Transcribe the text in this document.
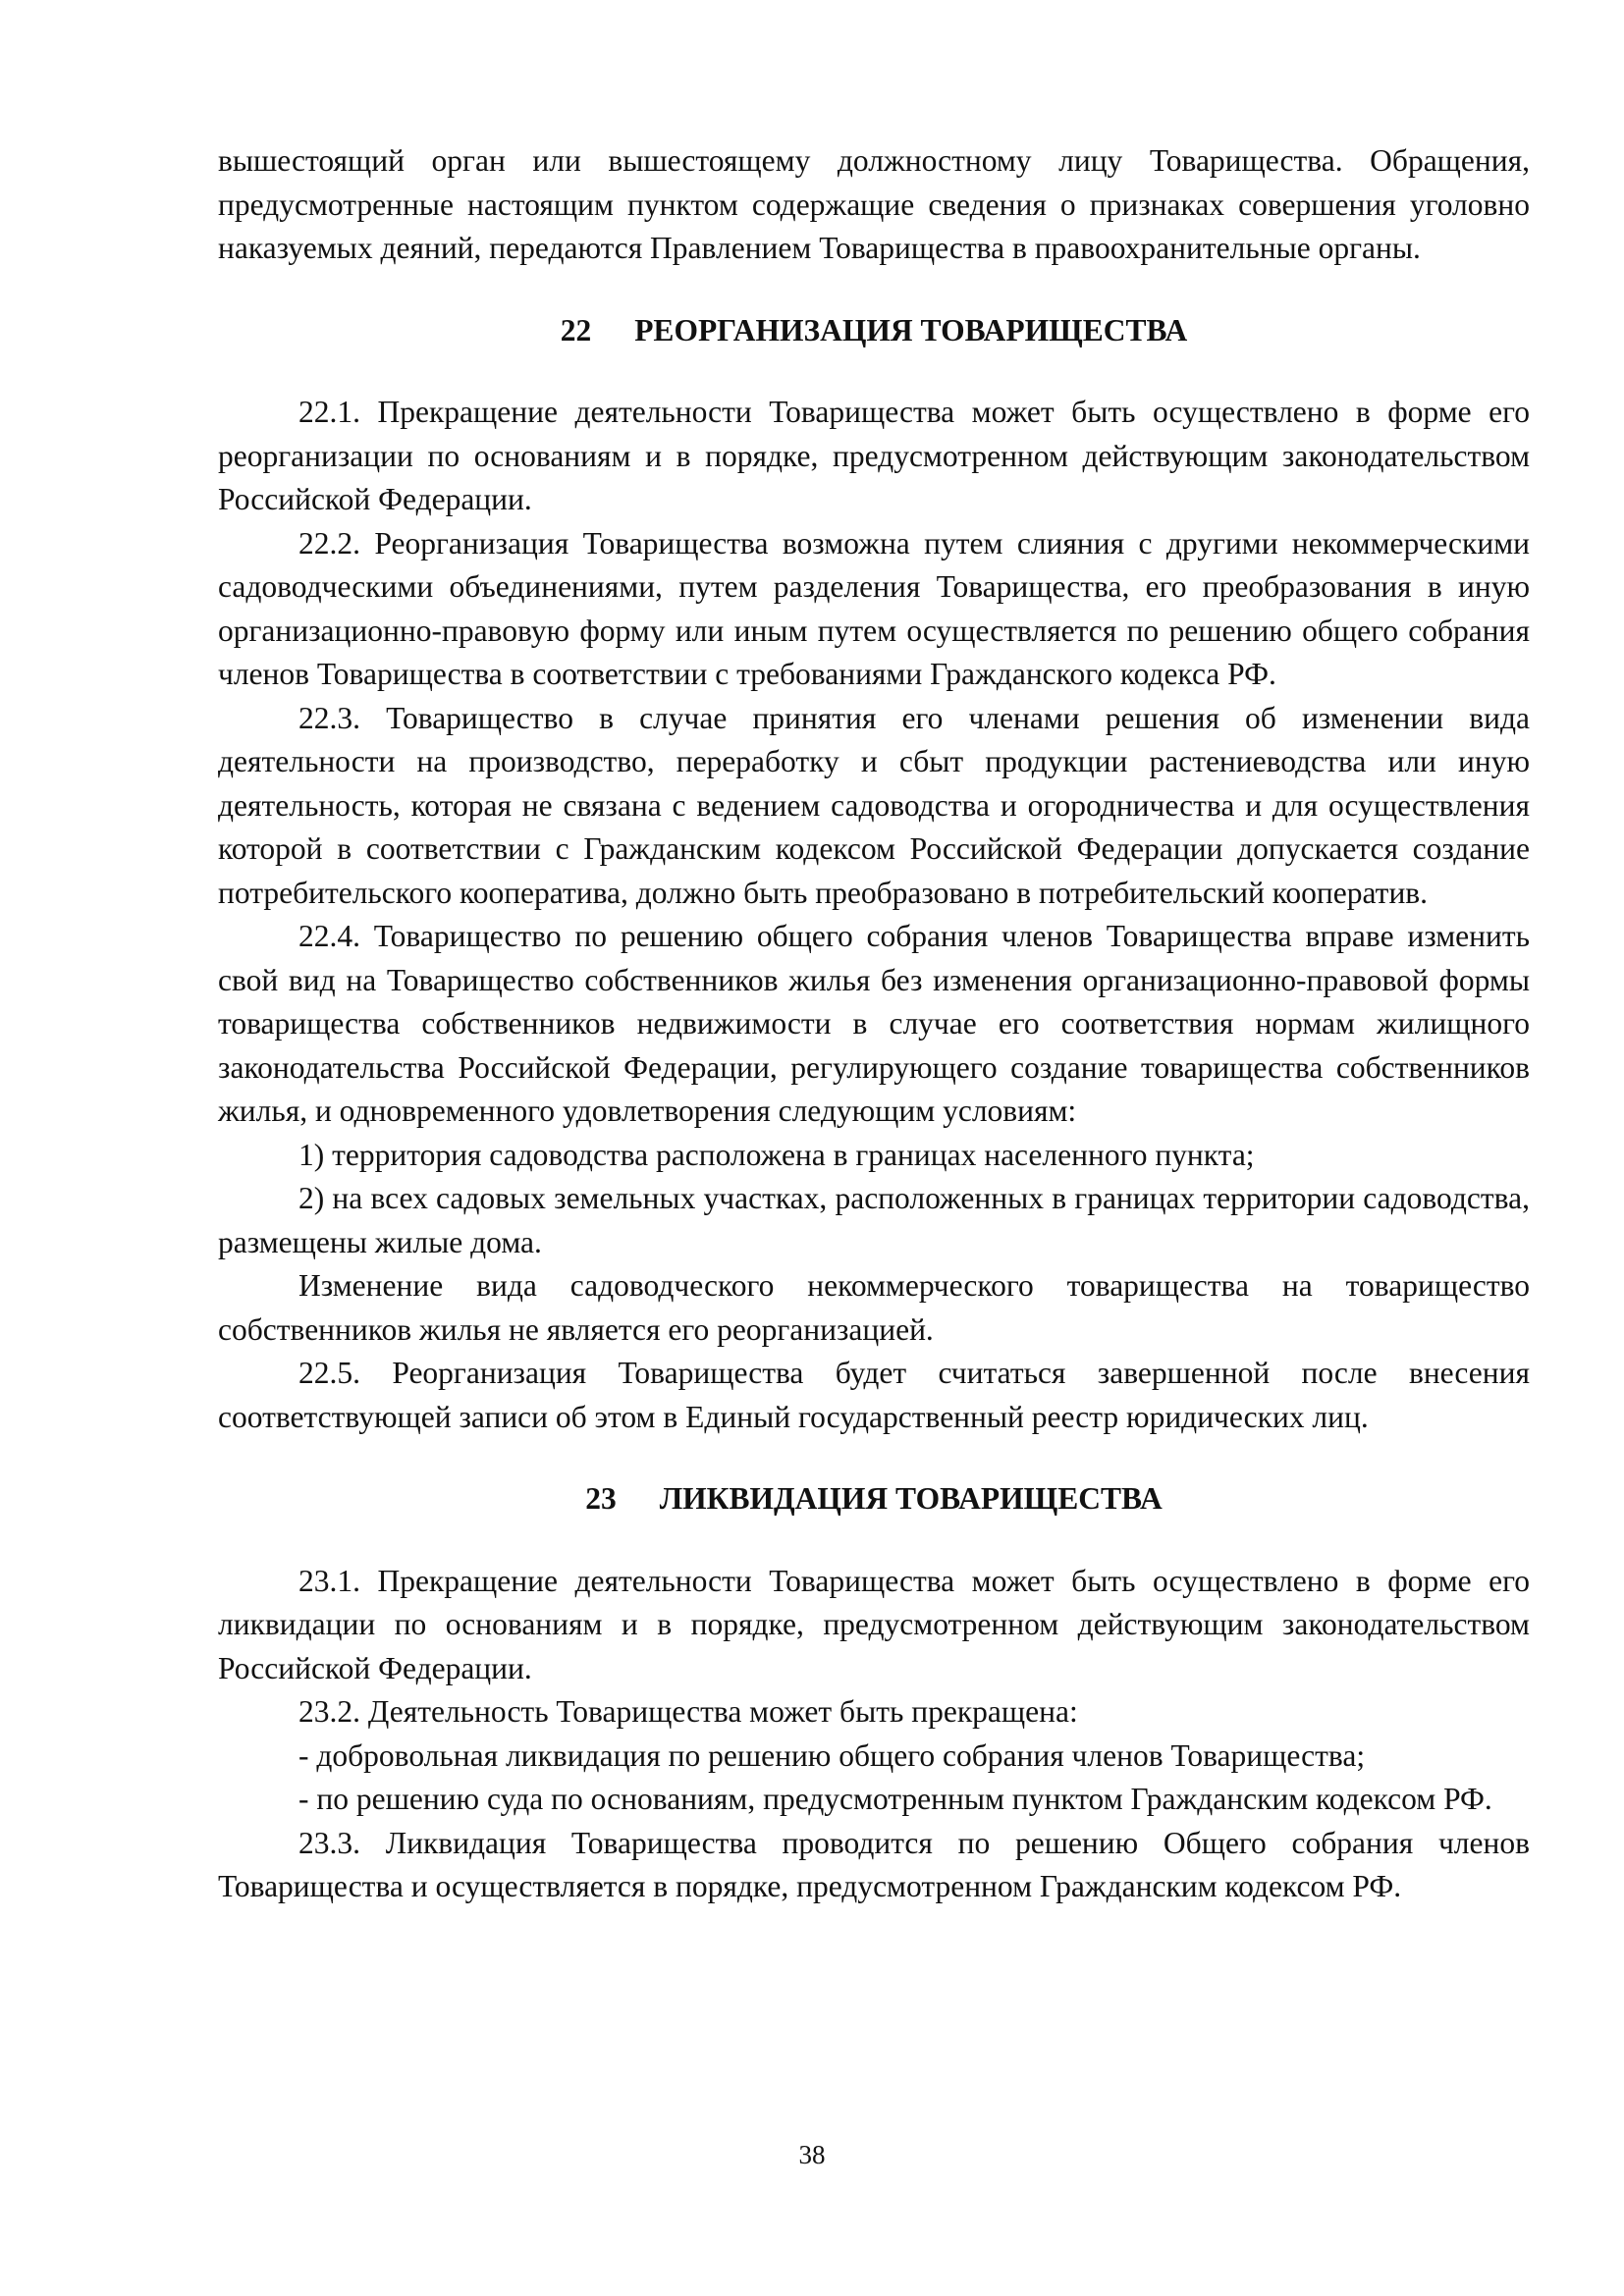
вышестоящий орган или вышестоящему должностному лицу Товарищества. Обращения, предусмотренные настоящим пунктом содержащие сведения о признаках совершения уголовно наказуемых деяний, передаются Правлением Товарищества в правоохранительные органы.

22 РЕОРГАНИЗАЦИЯ ТОВАРИЩЕСТВА

22.1. Прекращение деятельности Товарищества может быть осуществлено в форме его реорганизации по основаниям и в порядке, предусмотренном действующим законодательством Российской Федерации.

22.2. Реорганизация Товарищества возможна путем слияния с другими некоммерческими садоводческими объединениями, путем разделения Товарищества, его преобразования в иную организационно-правовую форму или иным путем осуществляется по решению общего собрания членов Товарищества в соответствии с требованиями Гражданского кодекса РФ.

22.3. Товарищество в случае принятия его членами решения об изменении вида деятельности на производство, переработку и сбыт продукции растениеводства или иную деятельность, которая не связана с ведением садоводства и огородничества и для осуществления которой в соответствии с Гражданским кодексом Российской Федерации допускается создание потребительского кооператива, должно быть преобразовано в потребительский кооператив.

22.4. Товарищество по решению общего собрания членов Товарищества вправе изменить свой вид на Товарищество собственников жилья без изменения организационно-правовой формы товарищества собственников недвижимости в случае его соответствия нормам жилищного законодательства Российской Федерации, регулирующего создание товарищества собственников жилья, и одновременного удовлетворения следующим условиям:

1) территория садоводства расположена в границах населенного пункта;

2) на всех садовых земельных участках, расположенных в границах территории садоводства, размещены жилые дома.

Изменение вида садоводческого некоммерческого товарищества на товарищество собственников жилья не является его реорганизацией.

22.5. Реорганизация Товарищества будет считаться завершенной после внесения соответствующей записи об этом в Единый государственный реестр юридических лиц.

23 ЛИКВИДАЦИЯ ТОВАРИЩЕСТВА

23.1. Прекращение деятельности Товарищества может быть осуществлено в форме его ликвидации по основаниям и в порядке, предусмотренном действующим законодательством Российской Федерации.

23.2. Деятельность Товарищества может быть прекращена:

- добровольная ликвидация по решению общего собрания членов Товарищества;

- по решению суда по основаниям, предусмотренным пунктом Гражданским кодексом РФ.

23.3. Ликвидация Товарищества проводится по решению Общего собрания членов Товарищества и осуществляется в порядке, предусмотренном Гражданским кодексом РФ.

38
